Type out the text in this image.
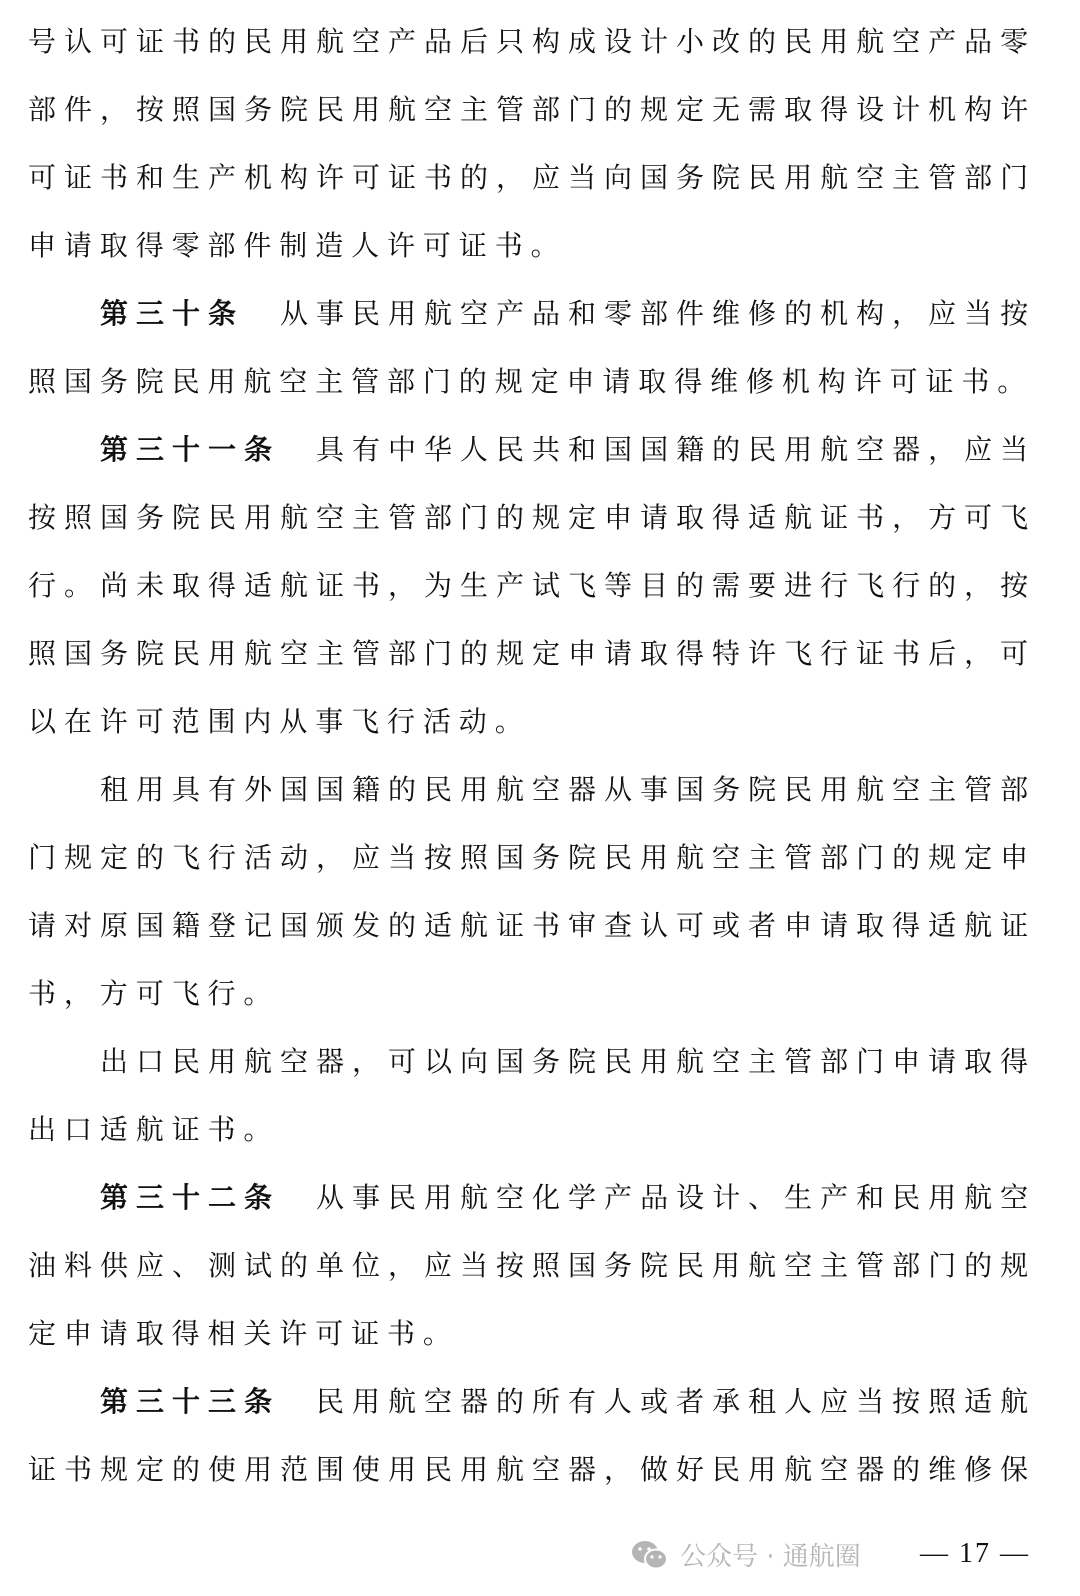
号认可证书的民用航空产品后只构成设计小改的民用航空产品零
部件，按照国务院民用航空主管部门的规定无需取得设计机构许
可证书和生产机构许可证书的，应当向国务院民用航空主管部门
申请取得零部件制造人许可证书。
第三十条　从事民用航空产品和零部件维修的机构，应当按
照国务院民用航空主管部门的规定申请取得维修机构许可证书。
第三十一条　具有中华人民共和国国籍的民用航空器，应当
按照国务院民用航空主管部门的规定申请取得适航证书，方可飞
行。尚未取得适航证书，为生产试飞等目的需要进行飞行的，按
照国务院民用航空主管部门的规定申请取得特许飞行证书后，可
以在许可范围内从事飞行活动。
租用具有外国国籍的民用航空器从事国务院民用航空主管部
门规定的飞行活动，应当按照国务院民用航空主管部门的规定申
请对原国籍登记国颁发的适航证书审查认可或者申请取得适航证
书，方可飞行。
出口民用航空器，可以向国务院民用航空主管部门申请取得
出口适航证书。
第三十二条　从事民用航空化学产品设计、生产和民用航空
油料供应、测试的单位，应当按照国务院民用航空主管部门的规
定申请取得相关许可证书。
第三十三条　民用航空器的所有人或者承租人应当按照适航
证书规定的使用范围使用民用航空器，做好民用航空器的维修保
公众号 · 通航圈 — 17 —
